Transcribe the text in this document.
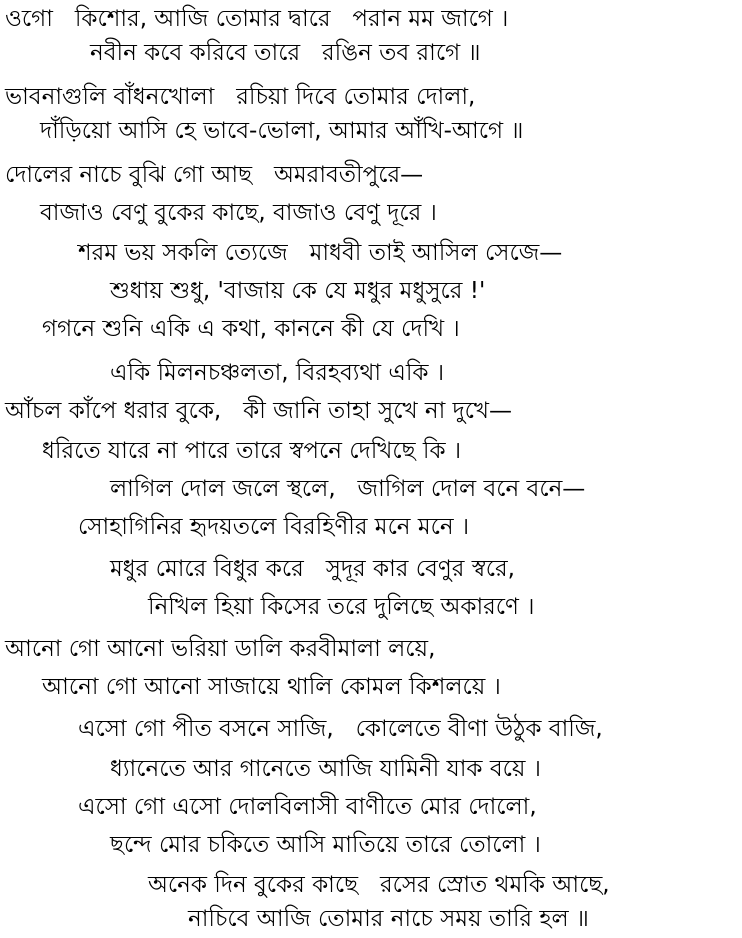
ওগো   কিশোর, আজি তোমার দ্বারে   পরান মম জাগে ।
নবীন কবে করিবে তারে   রঙিন তব রাগে ॥
ভাবনাগুলি বাঁধনখোলা   রচিয়া দিবে তোমার দোলা,
দাঁড়িয়ো আসি হে ভাবে-ভোলা, আমার আঁখি-আগে ॥
দোলের নাচে বুঝি গো আছ   অমরাবতীপুরে—
বাজাও বেণু বুকের কাছে, বাজাও বেণু দূরে ।
শরম ভয় সকলি ত্যেজে   মাধবী তাই আসিল সেজে—
শুধায় শুধু, 'বাজায় কে যে মধুর মধুসুরে !'
গগনে শুনি একি এ কথা, কাননে কী যে দেখি ।
একি মিলনচঞ্চলতা, বিরহব্যথা একি ।
আঁচল কাঁপে ধরার বুকে,   কী জানি তাহা সুখে না দুখে—
ধরিতে যারে না পারে তারে স্বপনে দেখিছে কি ।
লাগিল দোল জলে স্থলে,   জাগিল দোল বনে বনে—
সোহাগিনির হৃদয়তলে বিরহিণীর মনে মনে ।
মধুর মোরে বিধুর করে   সুদূর কার বেণুর স্বরে,
নিখিল হিয়া কিসের তরে দুলিছে অকারণে ।
আনো গো আনো ভরিয়া ডালি করবীমালা লয়ে,
আনো গো আনো সাজায়ে থালি কোমল কিশলয়ে ।
এসো গো পীত বসনে সাজি,   কোলেতে বীণা উঠুক বাজি,
ধ্যানেতে আর গানেতে আজি যামিনী যাক বয়ে ।
এসো গো এসো দোলবিলাসী বাণীতে মোর দোলো,
ছন্দে মোর চকিতে আসি মাতিয়ে তারে তোলো ।
অনেক দিন বুকের কাছে   রসের স্রোত থমকি আছে,
নাচিবে আজি তোমার নাচে সময় তারি হল ॥
